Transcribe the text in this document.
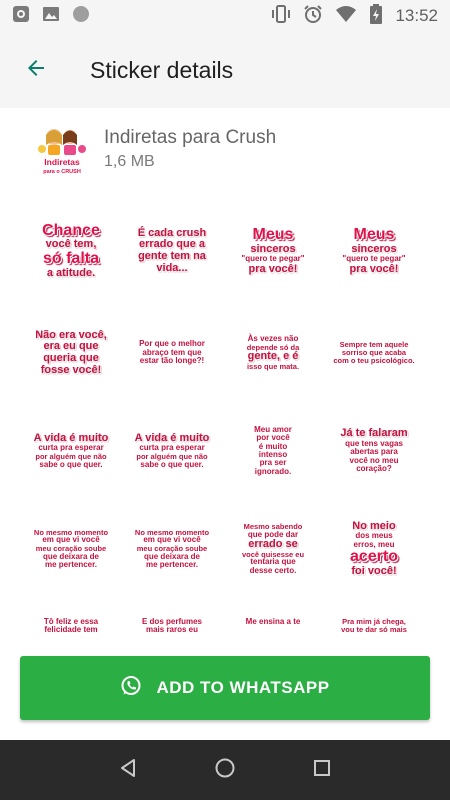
13:52
Sticker details
Indiretas
para o CRUSH
Indiretas para Crush
1,6 MB
Chance
você tem,
só falta
a atitude.
É cada crush
errado que a
gente tem na
vida...
Meus
sinceros
"quero te pegar"
pra você!
Meus
sinceros
"quero te pegar"
pra você!
Não era você,
era eu que
queria que
fosse você!
Por que o melhor
abraço tem que
estar tão longe?!
Às vezes não
depende só da
gente, e é
isso que mata.
Sempre tem aquele
sorriso que acaba
com o teu psicológico.
A vida é muito
curta pra esperar
por alguém que não
sabe o que quer.
A vida é muito
curta pra esperar
por alguém que não
sabe o que quer.
Meu amor
por você
é muito
intenso
pra ser
ignorado.
Já te falaram
que tens vagas
abertas para
você no meu
coração?
No mesmo momento
em que vi você
meu coração soube
que deixara de
me pertencer.
No mesmo momento
em que vi você
meu coração soube
que deixara de
me pertencer.
Mesmo sabendo
que pode dar
errado se
você quisesse eu
tentaria que
desse certo.
No meio
dos meus
erros, meu
acerto
foi você!
Tô feliz e essa
felicidade tem
E dos perfumes
mais raros eu
Me ensina a te	Pra mim já chega,
vou te dar só mais
ADD TO WHATSAPP
